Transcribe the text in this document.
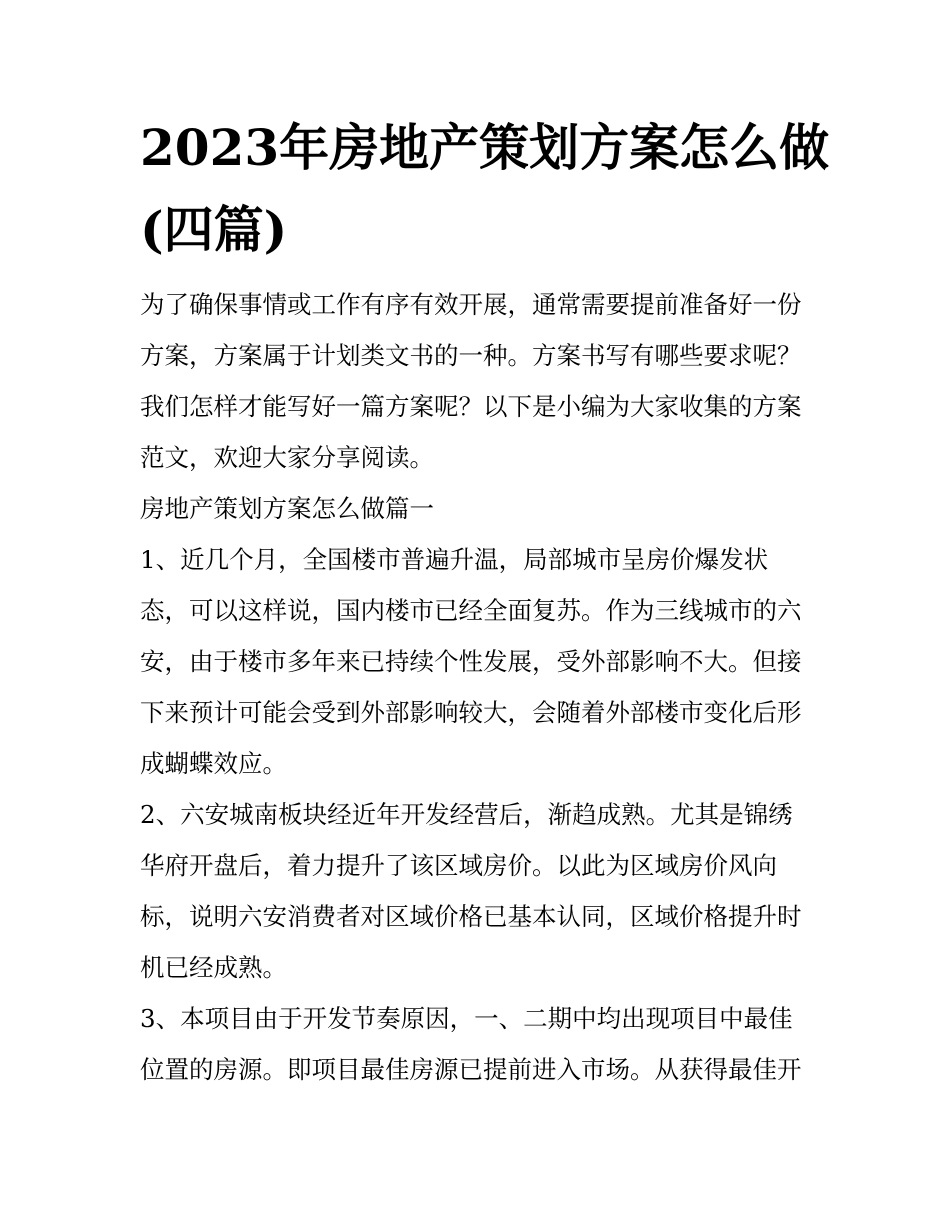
2023年房地产策划方案怎么做
(四篇)
为了确保事情或工作有序有效开展，通常需要提前准备好一份
方案，方案属于计划类文书的一种。方案书写有哪些要求呢？
我们怎样才能写好一篇方案呢？以下是小编为大家收集的方案
范文，欢迎大家分享阅读。
房地产策划方案怎么做篇一
1、近几个月，全国楼市普遍升温，局部城市呈房价爆发状
态，可以这样说，国内楼市已经全面复苏。作为三线城市的六
安，由于楼市多年来已持续个性发展，受外部影响不大。但接
下来预计可能会受到外部影响较大，会随着外部楼市变化后形
成蝴蝶效应。
2、六安城南板块经近年开发经营后，渐趋成熟。尤其是锦绣
华府开盘后，着力提升了该区域房价。以此为区域房价风向
标，说明六安消费者对区域价格已基本认同，区域价格提升时
机已经成熟。
3、本项目由于开发节奏原因，一、二期中均出现项目中最佳
位置的房源。即项目最佳房源已提前进入市场。从获得最佳开
